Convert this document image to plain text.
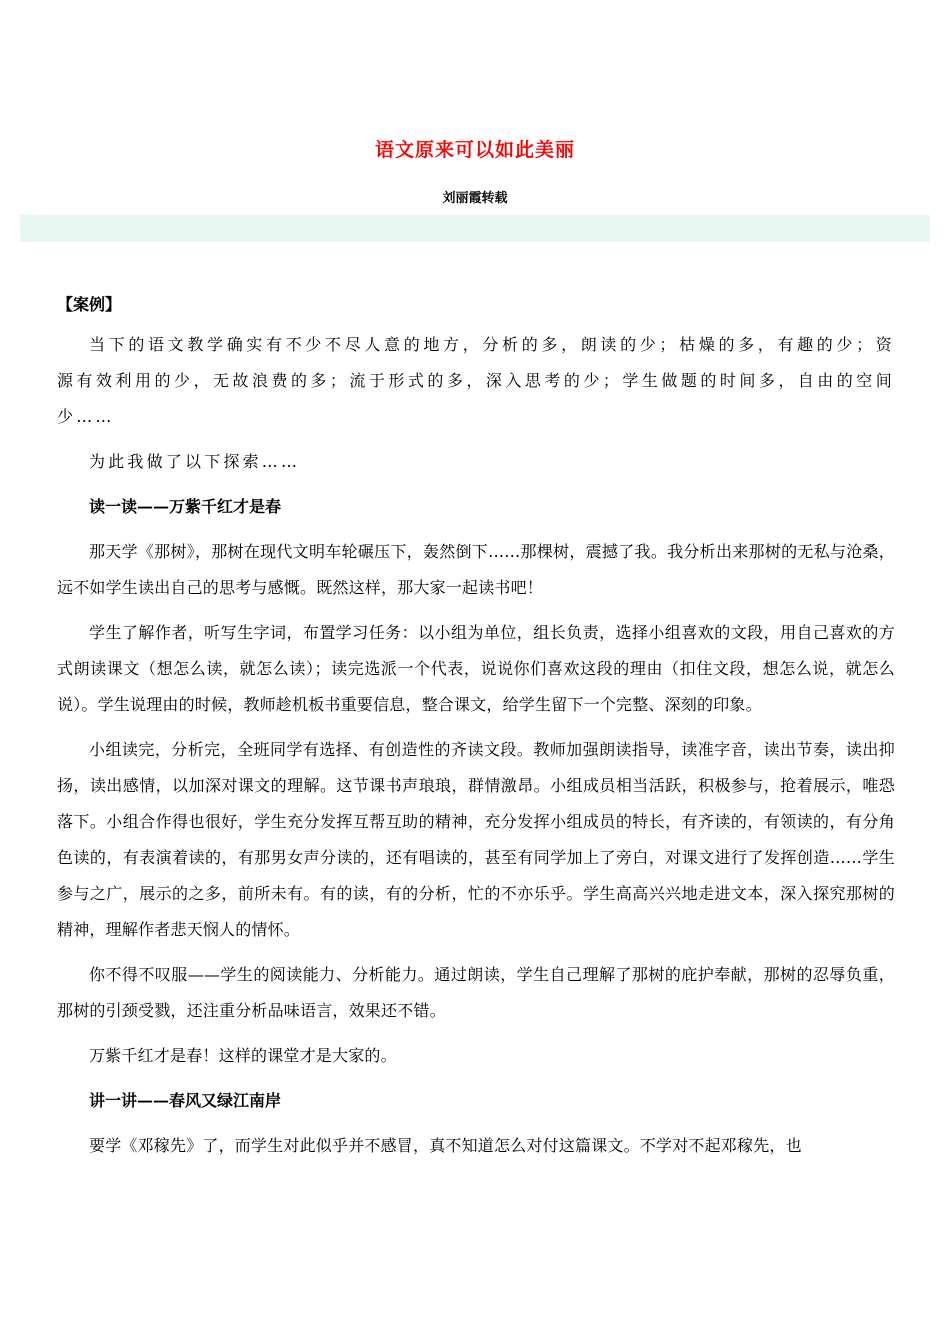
语文原来可以如此美丽
刘丽霞转载
【案例】

当下的语文教学确实有不少不尽人意的地方，分析的多，朗读的少；枯燥的多，有趣的少；资源有效利用的少，无故浪费的多；流于形式的多，深入思考的少；学生做题的时间多，自由的空间少……

为此我做了以下探索……

读一读——万紫千红才是春

那天学《那树》，那树在现代文明车轮碾压下，轰然倒下……那棵树，震撼了我。我分析出来那树的无私与沧桑，远不如学生读出自己的思考与感慨。既然这样，那大家一起读书吧！

学生了解作者，听写生字词，布置学习任务：以小组为单位，组长负责，选择小组喜欢的文段，用自己喜欢的方式朗读课文（想怎么读，就怎么读）；读完选派一个代表，说说你们喜欢这段的理由（扣住文段，想怎么说，就怎么说）。学生说理由的时候，教师趁机板书重要信息，整合课文，给学生留下一个完整、深刻的印象。

小组读完，分析完，全班同学有选择、有创造性的齐读文段。教师加强朗读指导，读准字音，读出节奏，读出抑扬，读出感情，以加深对课文的理解。这节课书声琅琅，群情激昂。小组成员相当活跃，积极参与，抢着展示，唯恐落下。小组合作得也很好，学生充分发挥互帮互助的精神，充分发挥小组成员的特长，有齐读的，有领读的，有分角色读的，有表演着读的，有那男女声分读的，还有唱读的，甚至有同学加上了旁白，对课文进行了发挥创造……学生参与之广，展示的之多，前所未有。有的读，有的分析，忙的不亦乐乎。学生高高兴兴地走进文本，深入探究那树的精神，理解作者悲天悯人的情怀。

你不得不叹服——学生的阅读能力、分析能力。通过朗读，学生自己理解了那树的庇护奉献，那树的忍辱负重，那树的引颈受戮，还注重分析品味语言，效果还不错。

万紫千红才是春！这样的课堂才是大家的。

讲一讲——春风又绿江南岸

要学《邓稼先》了，而学生对此似乎并不感冒，真不知道怎么对付这篇课文。不学对不起邓稼先，也
